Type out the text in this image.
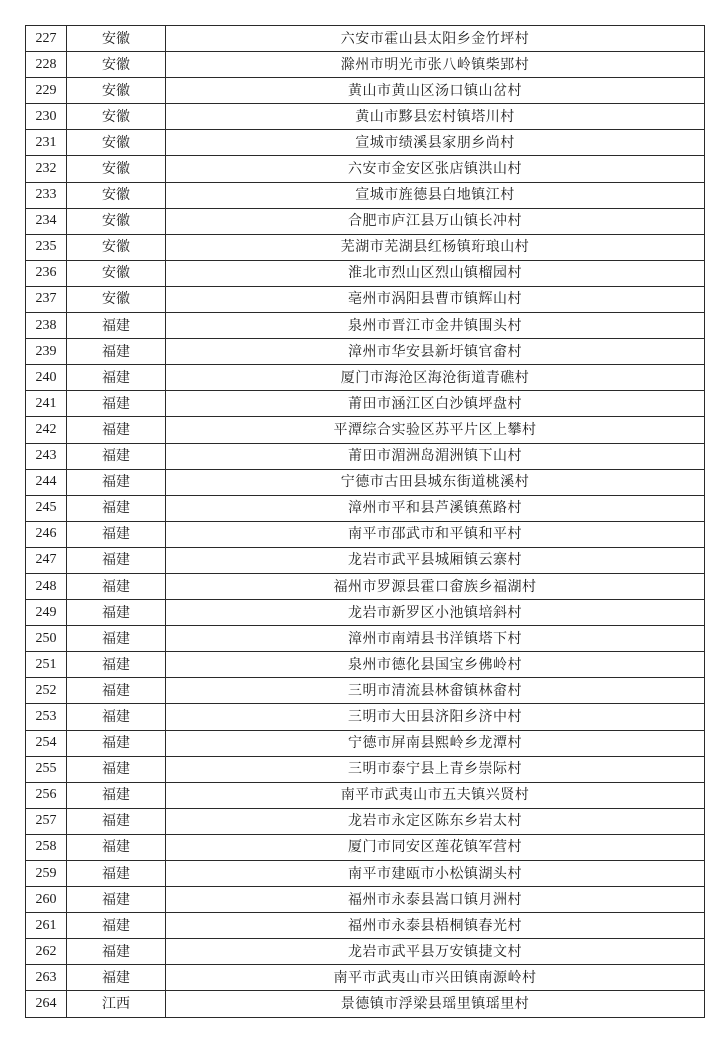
227	安徽	六安市霍山县太阳乡金竹坪村
228	安徽	滁州市明光市张八岭镇柴郢村
229	安徽	黄山市黄山区汤口镇山岔村
230	安徽	黄山市黟县宏村镇塔川村
231	安徽	宣城市绩溪县家朋乡尚村
232	安徽	六安市金安区张店镇洪山村
233	安徽	宣城市旌德县白地镇江村
234	安徽	合肥市庐江县万山镇长冲村
235	安徽	芜湖市芜湖县红杨镇珩琅山村
236	安徽	淮北市烈山区烈山镇榴园村
237	安徽	亳州市涡阳县曹市镇辉山村
238	福建	泉州市晋江市金井镇围头村
239	福建	漳州市华安县新圩镇官畲村
240	福建	厦门市海沧区海沧街道青礁村
241	福建	莆田市涵江区白沙镇坪盘村
242	福建	平潭综合实验区苏平片区上攀村
243	福建	莆田市湄洲岛湄洲镇下山村
244	福建	宁德市古田县城东街道桃溪村
245	福建	漳州市平和县芦溪镇蕉路村
246	福建	南平市邵武市和平镇和平村
247	福建	龙岩市武平县城厢镇云寨村
248	福建	福州市罗源县霍口畲族乡福湖村
249	福建	龙岩市新罗区小池镇培斜村
250	福建	漳州市南靖县书洋镇塔下村
251	福建	泉州市德化县国宝乡佛岭村
252	福建	三明市清流县林畲镇林畲村
253	福建	三明市大田县济阳乡济中村
254	福建	宁德市屏南县熙岭乡龙潭村
255	福建	三明市泰宁县上青乡崇际村
256	福建	南平市武夷山市五夫镇兴贤村
257	福建	龙岩市永定区陈东乡岩太村
258	福建	厦门市同安区莲花镇军营村
259	福建	南平市建瓯市小松镇湖头村
260	福建	福州市永泰县嵩口镇月洲村
261	福建	福州市永泰县梧桐镇春光村
262	福建	龙岩市武平县万安镇捷文村
263	福建	南平市武夷山市兴田镇南源岭村
264	江西	景德镇市浮梁县瑶里镇瑶里村
